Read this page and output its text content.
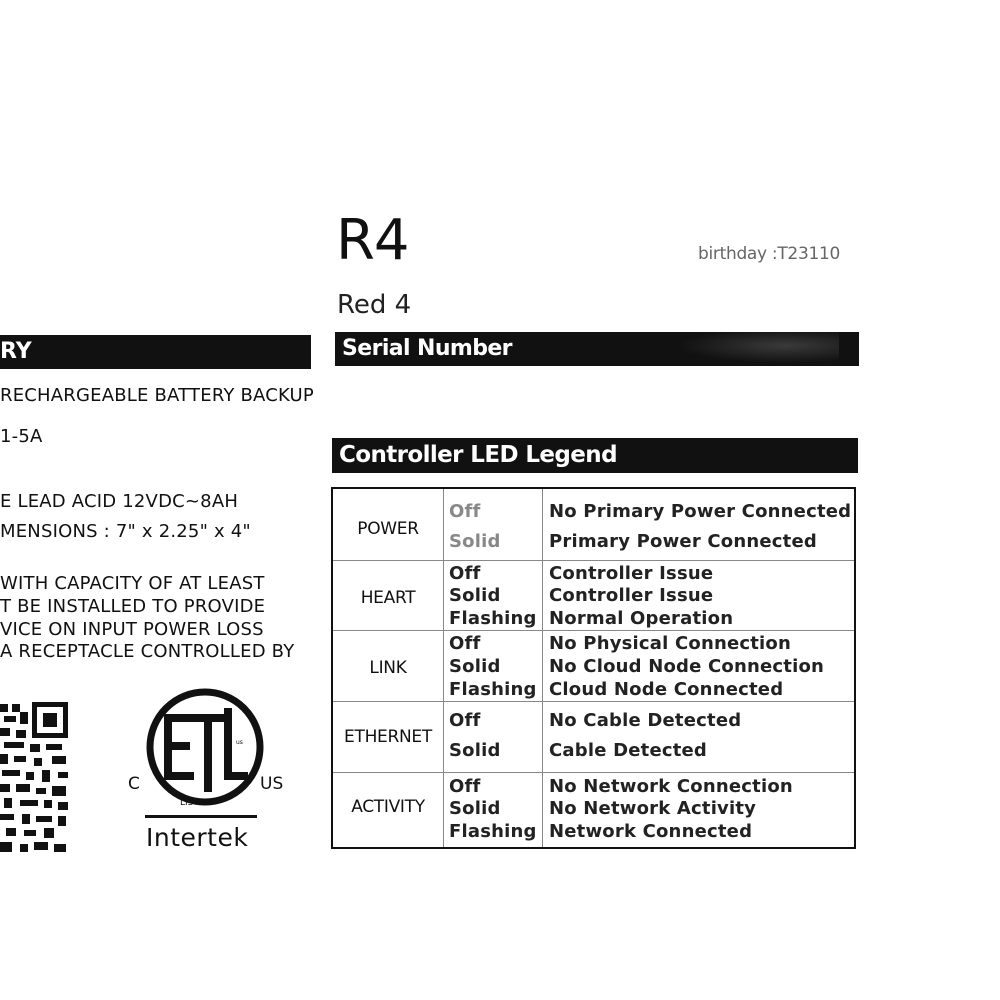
R4
Red 4
birthday :T23110
RY
RECHARGEABLE BATTERY BACKUP
1-5A
E LEAD ACID 12VDC~8AH
MENSIONS : 7" x 2.25" x 4"
WITH CAPACITY OF AT LEAST
T BE INSTALLED TO PROVIDE
VICE ON INPUT POWER LOSS
A RECEPTACLE CONTROLLED BY
Serial Number
Controller LED Legend
POWER
Off	No Primary Power Connected
Solid	Primary Power Connected
HEART
Off	Controller Issue
Solid	Controller Issue
Flashing Normal Operation
LINK
Off	No Physical Connection
Solid	No Cloud Node Connection
Flashing Cloud Node Connected
ETHERNET
Off	No Cable Detected
Solid	Cable Detected
ACTIVITY
Off	No Network Connection
Solid	No Network Activity
Flashing Network Connected
us
C	US
LISTED
Intertek
